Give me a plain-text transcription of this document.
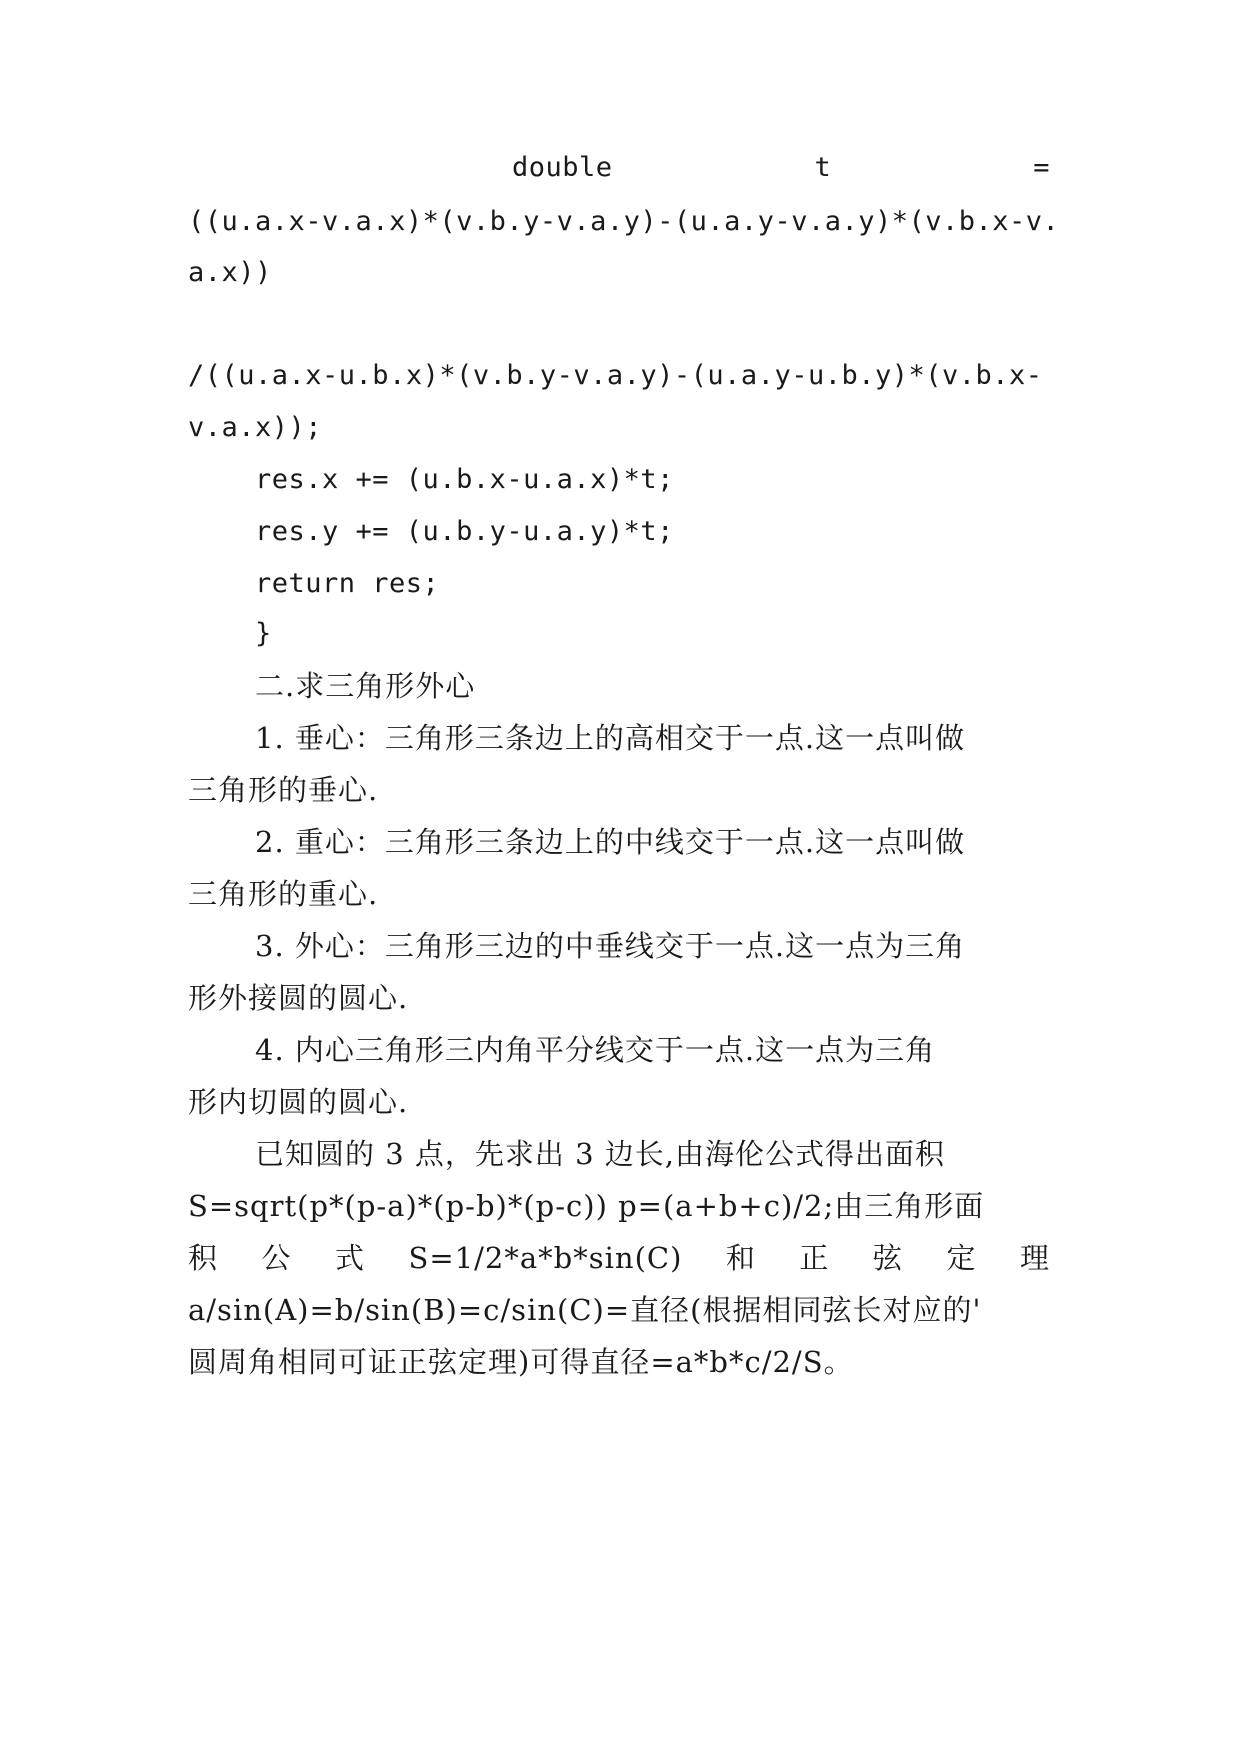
double	t	=
((u.a.x-v.a.x)*(v.b.y-v.a.y)-(u.a.y-v.a.y)*(v.b.x-v.
a.x))
/((u.a.x-u.b.x)*(v.b.y-v.a.y)-(u.a.y-u.b.y)*(v.b.x-
v.a.x));
res.x += (u.b.x-u.a.x)*t;
res.y += (u.b.y-u.a.y)*t;
return res;
}
二.求三角形外心
1. 垂心：三角形三条边上的高相交于一点.这一点叫做
三角形的垂心.
2. 重心：三角形三条边上的中线交于一点.这一点叫做
三角形的重心.
3. 外心：三角形三边的中垂线交于一点.这一点为三角
形外接圆的圆心.
4. 内心三角形三内角平分线交于一点.这一点为三角
形内切圆的圆心.
已知圆的 3 点，先求出 3 边长,由海伦公式得出面积
S=sqrt(p*(p-a)*(p-b)*(p-c)) p=(a+b+c)/2;由三角形面
积 公 式 S=1/2*a*b*sin(C) 和 正 弦 定 理
a/sin(A)=b/sin(B)=c/sin(C)=直径(根据相同弦长对应的'
圆周角相同可证正弦定理)可得直径=a*b*c/2/S。
